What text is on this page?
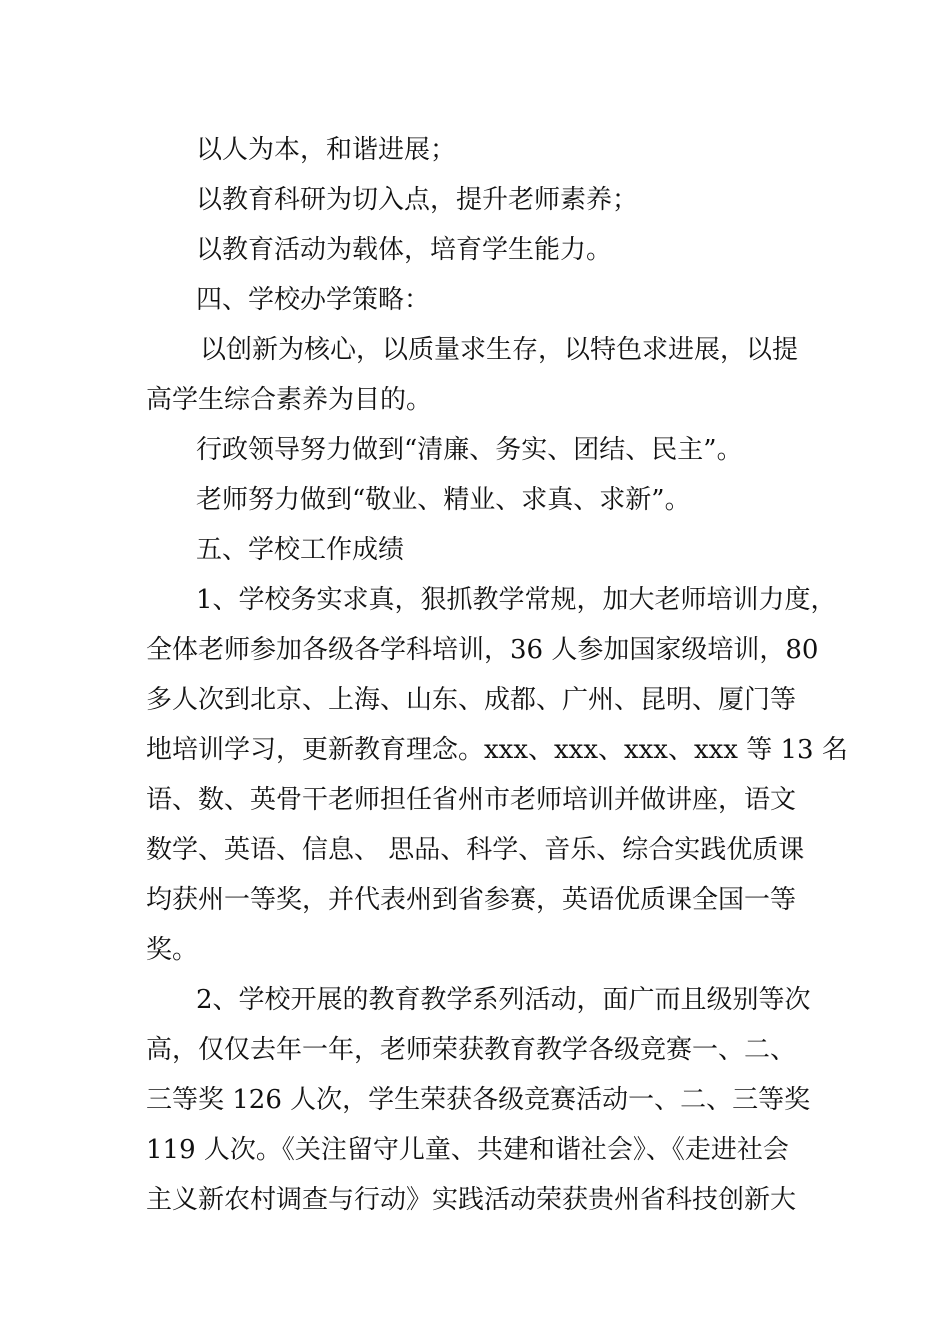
以人为本，和谐进展；
以教育科研为切入点，提升老师素养；
以教育活动为载体，培育学生能力。
四、学校办学策略：
以创新为核心，以质量求生存，以特色求进展，以提
高学生综合素养为目的。
行政领导努力做到“清廉、务实、团结、民主”。
老师努力做到“敬业、精业、求真、求新”。
五、学校工作成绩
1、学校务实求真，狠抓教学常规，加大老师培训力度，
全体老师参加各级各学科培训，36 人参加国家级培训，80
多人次到北京、上海、山东、成都、广州、昆明、厦门等
地培训学习，更新教育理念。xxx、xxx、xxx、xxx 等 13 名
语、数、英骨干老师担任省州市老师培训并做讲座，语文
数学、英语、信息、 思品、科学、音乐、综合实践优质课
均获州一等奖，并代表州到省参赛，英语优质课全国一等
奖。
2、学校开展的教育教学系列活动，面广而且级别等次
高，仅仅去年一年，老师荣获教育教学各级竞赛一、二、
三等奖 126 人次，学生荣获各级竞赛活动一、二、三等奖
119 人次。《关注留守儿童、共建和谐社会》、《走进社会
主义新农村调查与行动》实践活动荣获贵州省科技创新大
